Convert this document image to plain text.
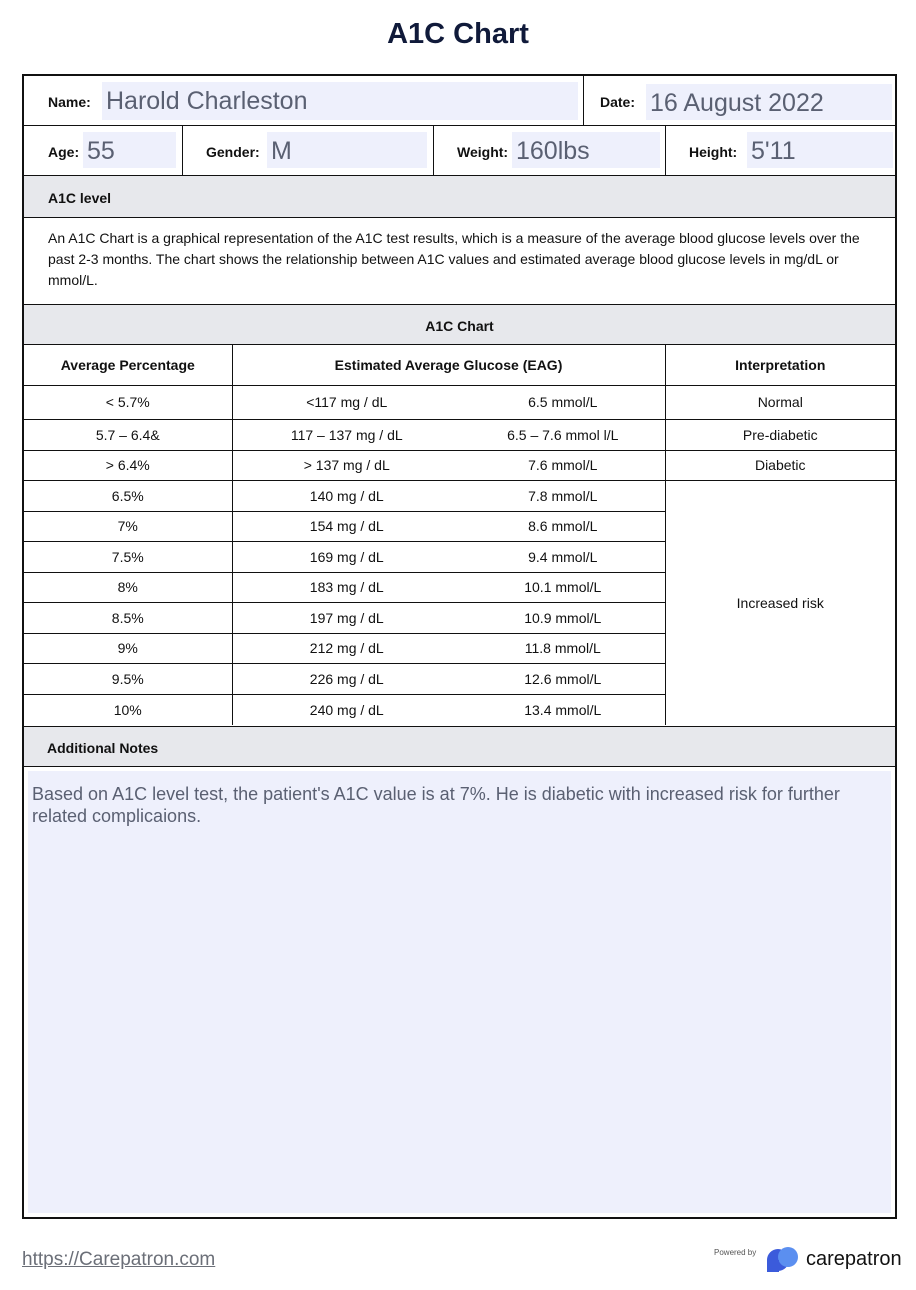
A1C Chart
Name: Harold Charleston	Date: 16 August 2022
Age: 55	Gender: M	Weight: 160lbs	Height: 5'11
A1C level
An A1C Chart is a graphical representation of the A1C test results, which is a measure of the average blood glucose levels over the past 2-3 months. The chart shows the relationship between A1C values and estimated average blood glucose levels in mg/dL or mmol/L.
A1C Chart
Average Percentage	Estimated Average Glucose (EAG)		Interpretation
< 5.7%	<117 mg / dL	6.5 mmol/L	Normal
5.7 – 6.4&	117 – 137 mg / dL	6.5 – 7.6 mmol l/L	Pre-diabetic
> 6.4%	> 137 mg / dL	7.6 mmol/L	Diabetic
6.5%	140 mg / dL	7.8 mmol/L	Increased risk
7%	154 mg / dL	8.6 mmol/L	
7.5%	169 mg / dL	9.4 mmol/L	
8%	183 mg / dL	10.1 mmol/L	
8.5%	197 mg / dL	10.9 mmol/L	
9%	212 mg / dL	11.8 mmol/L	
9.5%	226 mg / dL	12.6 mmol/L	
10%	240 mg / dL	13.4 mmol/L	
Additional Notes
Based on A1C level test, the patient's A1C value is at 7%. He is diabetic with increased risk for further related complicaions.
https://Carepatron.com	Powered by carepatron
